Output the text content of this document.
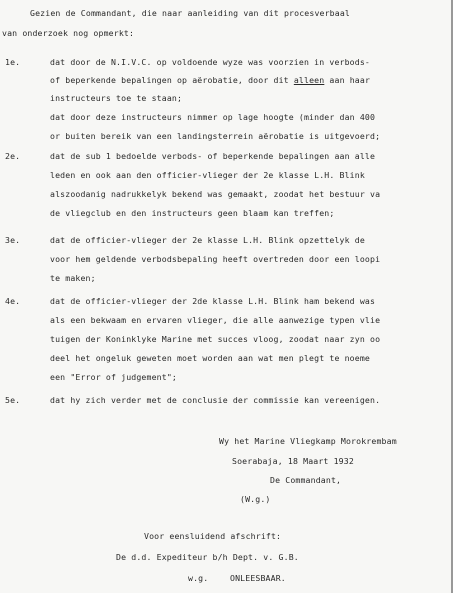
Gezien de Commandant, die naar aanleiding van dit procesverbaal
van onderzoek nog opmerkt:
1e.	dat door de N.I.V.C. op voldoende wyze was voorzien in verbods-
of beperkende bepalingen op aërobatie, door dit alleen aan haar
instructeurs toe te staan;
dat door deze instructeurs nimmer op lage hoogte (minder dan 400
or buiten bereik van een landingsterrein aërobatie is uitgevoerd;
2e.	dat de sub 1 bedoelde verbods- of beperkende bepalingen aan alle
leden en ook aan den officier-vlieger der 2e klasse L.H. Blink
alszoodanig nadrukkelyk bekend was gemaakt, zoodat het bestuur va
de vliegclub en den instructeurs geen blaam kan treffen;
3e.	dat de officier-vlieger der 2e klasse L.H. Blink opzettelyk de
voor hem geldende verbodsbepaling heeft overtreden door een loopi
te maken;
4e.	dat de officier-vlieger der 2de klasse L.H. Blink ham bekend was
als een bekwaam en ervaren vlieger, die alle aanwezige typen vlie
tuigen der Koninklyke Marine met succes vloog, zoodat naar zyn oo
deel het ongeluk geweten moet worden aan wat men plegt te noeme
een "Error of judgement";
5e.	dat hy zich verder met de conclusie der commissie kan vereenigen.
Wy het Marine Vliegkamp Morokrembam
Soerabaja, 18 Maart 1932
De Commandant,
(W.g.)
Voor eensluidend afschrift:
De d.d. Expediteur b/h Dept. v. G.B.
w.g.	ONLEESBAAR.
